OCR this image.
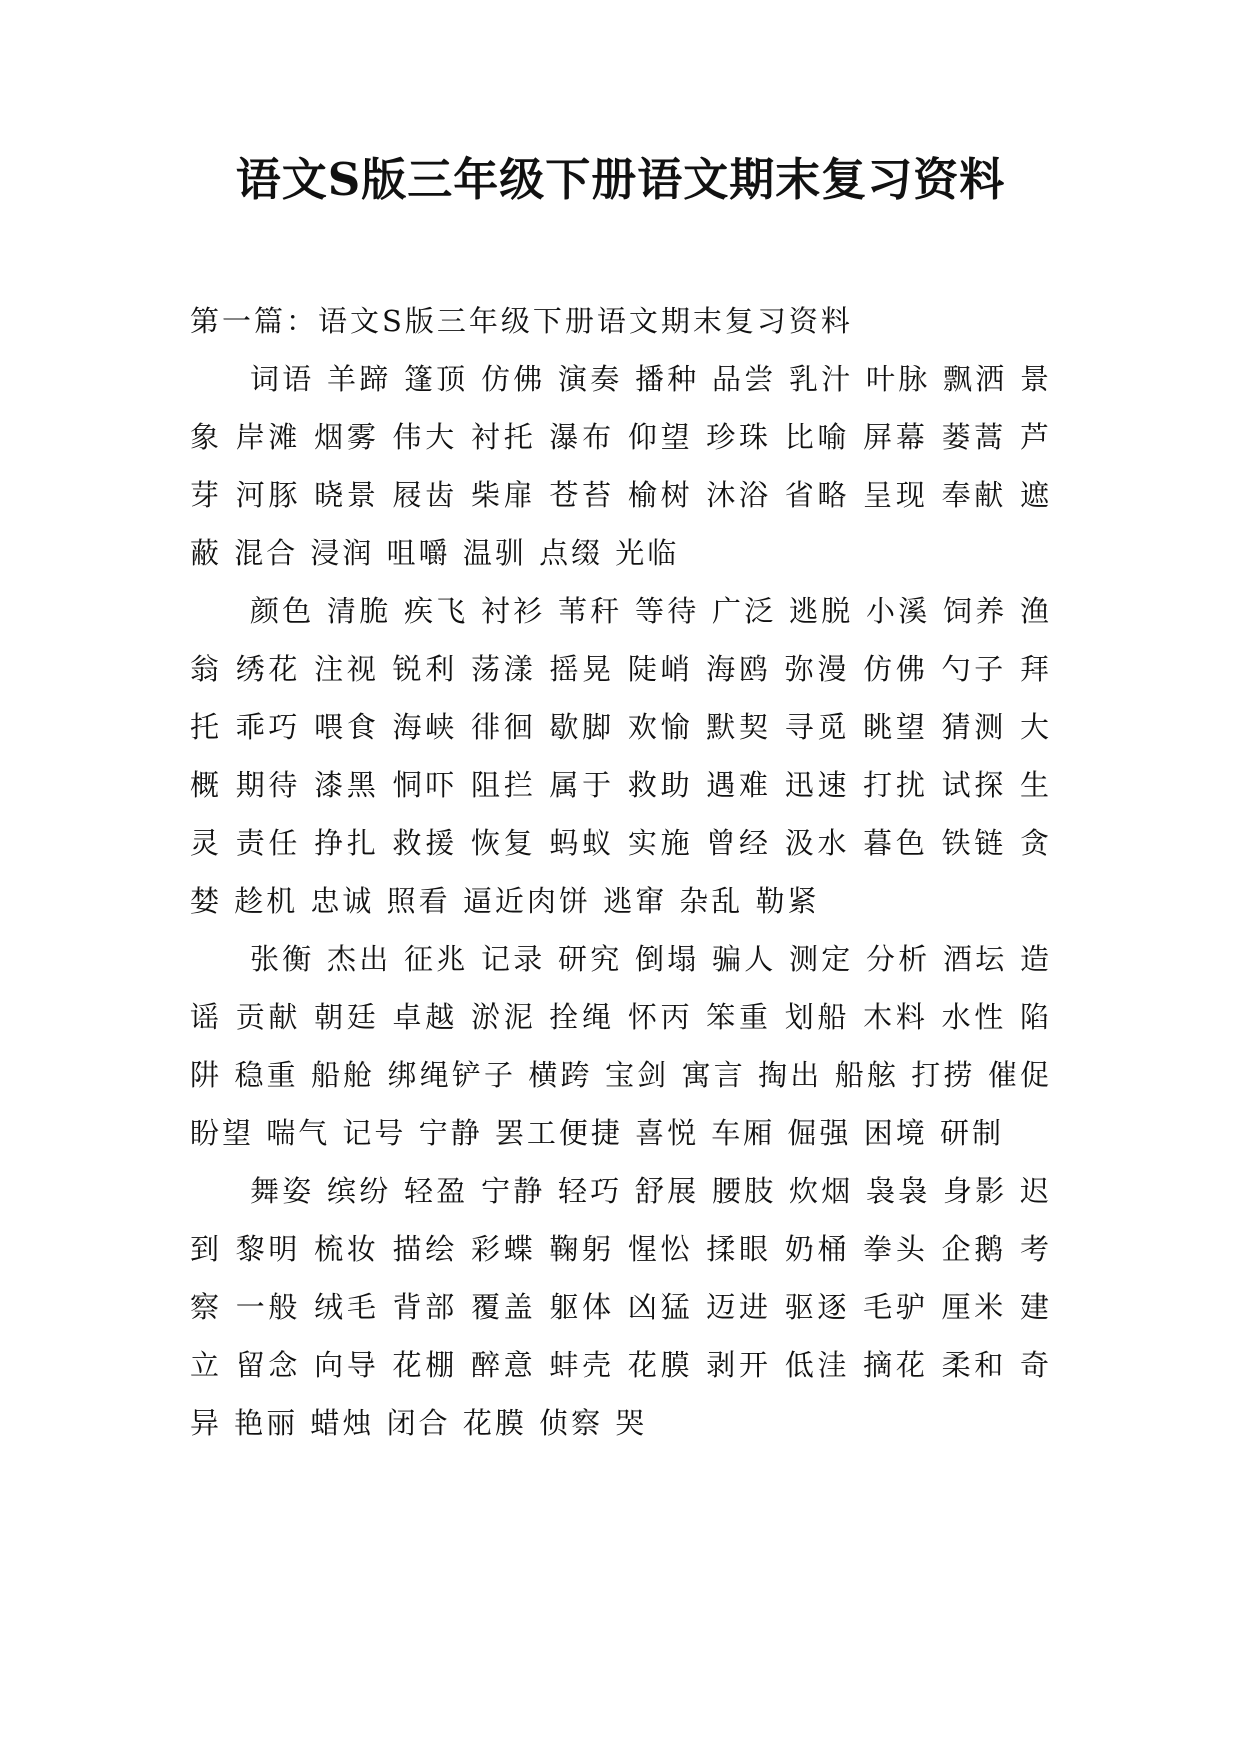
语文S版三年级下册语文期末复习资料
第一篇：语文S版三年级下册语文期末复习资料

词语 羊蹄 篷顶 仿佛 演奏 播种 品尝 乳汁 叶脉 飘洒 景象 岸滩 烟雾 伟大 衬托 瀑布 仰望 珍珠 比喻 屏幕 蒌蒿 芦芽 河豚 晓景 屐齿 柴扉 苍苔 榆树 沐浴 省略 呈现 奉献 遮蔽 混合 浸润 咀嚼 温驯 点缀 光临

颜色 清脆 疾飞 衬衫 苇秆 等待 广泛 逃脱 小溪 饲养 渔翁 绣花 注视 锐利 荡漾 摇晃 陡峭 海鸥 弥漫 仿佛 勺子 拜托 乖巧 喂食 海峡 徘徊 歇脚 欢愉 默契 寻觅 眺望 猜测 大概 期待 漆黑 恫吓 阻拦 属于 救助 遇难 迅速 打扰 试探 生灵 责任 挣扎 救援 恢复 蚂蚁 实施 曾经 汲水 暮色 铁链 贪婪 趁机 忠诚 照看 逼近肉饼 逃窜 杂乱 勒紧

张衡 杰出 征兆 记录 研究 倒塌 骗人 测定 分析 酒坛 造谣 贡献 朝廷 卓越 淤泥 拴绳 怀丙 笨重 划船 木料 水性 陷阱 稳重 船舱 绑绳铲子 横跨 宝剑 寓言 掏出 船舷 打捞 催促 盼望 喘气 记号 宁静 罢工便捷 喜悦 车厢 倔强 困境 研制

舞姿 缤纷 轻盈 宁静 轻巧 舒展 腰肢 炊烟 袅袅 身影 迟到 黎明 梳妆 描绘 彩蝶 鞠躬 惺忪 揉眼 奶桶 拳头 企鹅 考察 一般 绒毛 背部 覆盖 躯体 凶猛 迈进 驱逐 毛驴 厘米 建立 留念 向导 花棚 醉意 蚌壳 花膜 剥开 低洼 摘花 柔和 奇异 艳丽 蜡烛 闭合 花膜 侦察 哭
